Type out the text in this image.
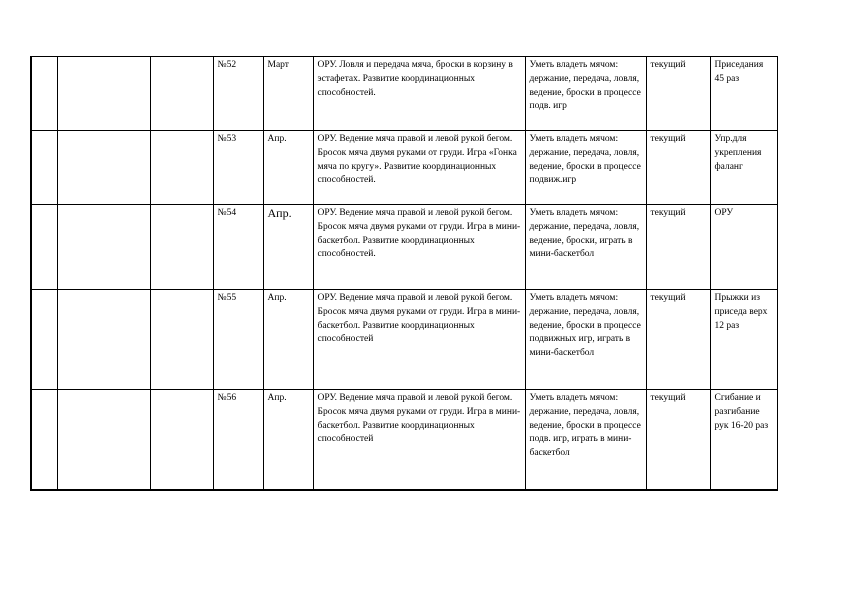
			№52	Март	ОРУ. Ловля и передача мяча, броски в корзину в эстафетах. Развитие координационных способностей.	Уметь владеть мячом: держание, передача, ловля, ведение, броски в процессе подв. игр	текущий	Приседания 45 раз
			№53	Апр.	ОРУ. Ведение мяча правой и левой рукой бегом. Бросок мяча двумя руками от груди. Игра «Гонка мяча по кругу». Развитие координационных способностей.	Уметь владеть мячом: держание, передача, ловля, ведение, броски в процессе подвиж.игр	текущий	Упр.для укрепления фаланг
			№54	Апр.	ОРУ. Ведение мяча правой и левой рукой бегом. Бросок мяча двумя руками от груди. Игра в мини-баскетбол. Развитие координационных способностей.	Уметь владеть мячом: держание, передача, ловля, ведение, броски, играть в мини-баскетбол	текущий	ОРУ
			№55	Апр.	ОРУ. Ведение мяча правой и левой рукой бегом. Бросок мяча двумя руками от груди. Игра в мини-баскетбол. Развитие координационных способностей	Уметь владеть мячом: держание, передача, ловля, ведение, броски в процессе подвижных игр, играть в мини-баскетбол	текущий	Прыжки из приседа верх 12 раз
			№56	Апр.	ОРУ. Ведение мяча правой и левой рукой бегом. Бросок мяча двумя руками от груди. Игра в мини-баскетбол. Развитие координационных способностей	Уметь владеть мячом: держание, передача, ловля, ведение, броски в процессе подв. игр, играть в мини-баскетбол	текущий	Сгибание и разгибание рук 16-20 раз
